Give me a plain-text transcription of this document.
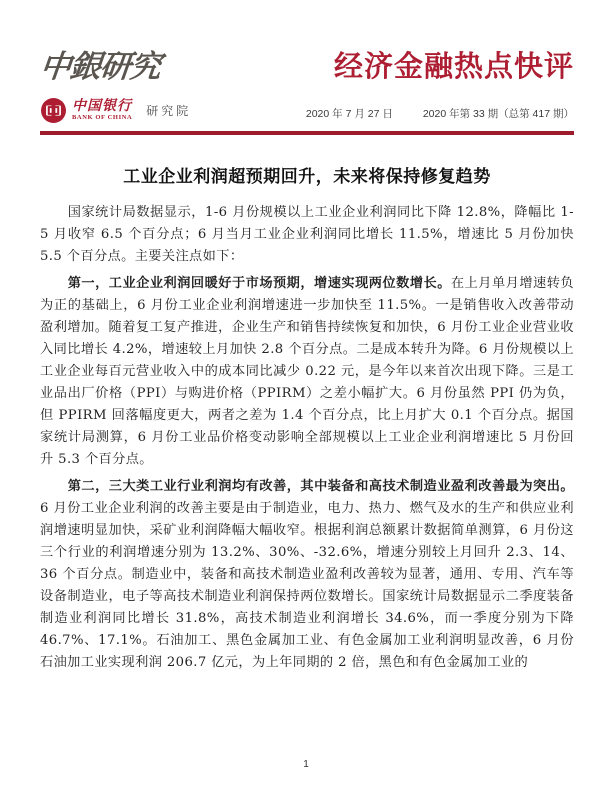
中銀研究	经济金融热点快评
中国银行
BANK OF CHINA 研究院	2020 年 7 月 27 日	2020 年第 33 期（总第 417 期）
工业企业利润超预期回升，未来将保持修复趋势

国家统计局数据显示，1-6 月份规模以上工业企业利润同比下降 12.8%，降幅比 1-5 月收窄 6.5 个百分点；6 月当月工业企业利润同比增长 11.5%，增速比 5 月份加快 5.5 个百分点。主要关注点如下：

第一，工业企业利润回暖好于市场预期，增速实现两位数增长。在上月单月增速转负为正的基础上，6 月份工业企业利润增速进一步加快至 11.5%。一是销售收入改善带动盈利增加。随着复工复产推进，企业生产和销售持续恢复和加快，6 月份工业企业营业收入同比增长 4.2%，增速较上月加快 2.8 个百分点。二是成本转升为降。6 月份规模以上工业企业每百元营业收入中的成本同比减少 0.22 元，是今年以来首次出现下降。三是工业品出厂价格（PPI）与购进价格（PPIRM）之差小幅扩大。6 月份虽然 PPI 仍为负，但 PPIRM 回落幅度更大，两者之差为 1.4 个百分点，比上月扩大 0.1 个百分点。据国家统计局测算，6 月份工业品价格变动影响全部规模以上工业企业利润增速比 5 月份回升 5.3 个百分点。

第二，三大类工业行业利润均有改善，其中装备和高技术制造业盈利改善最为突出。6 月份工业企业利润的改善主要是由于制造业，电力、热力、燃气及水的生产和供应业利润增速明显加快，采矿业利润降幅大幅收窄。根据利润总额累计数据简单测算，6 月份这三个行业的利润增速分别为 13.2%、30%、-32.6%，增速分别较上月回升 2.3、14、36 个百分点。制造业中，装备和高技术制造业盈利改善较为显著，通用、专用、汽车等设备制造业，电子等高技术制造业利润保持两位数增长。国家统计局数据显示二季度装备制造业利润同比增长 31.8%，高技术制造业利润增长 34.6%，而一季度分别为下降 46.7%、17.1%。石油加工、黑色金属加工业、有色金属加工业利润明显改善，6 月份石油加工业实现利润 206.7 亿元，为上年同期的 2 倍，黑色和有色金属加工业的

1
